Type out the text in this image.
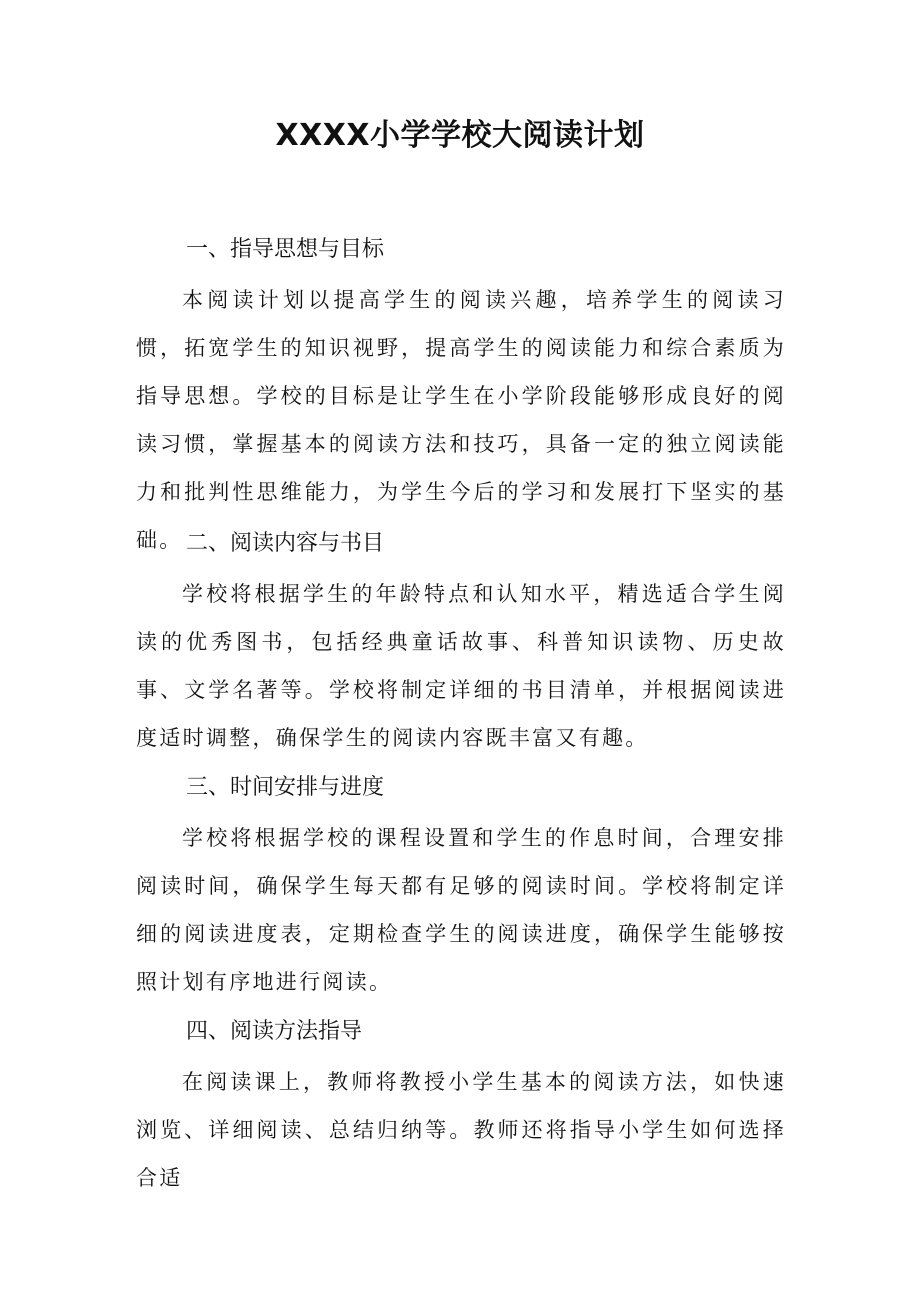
XXXX小学学校大阅读计划
一、指导思想与目标

本阅读计划以提高学生的阅读兴趣，培养学生的阅读习惯，拓宽学生的知识视野，提高学生的阅读能力和综合素质为指导思想。学校的目标是让学生在小学阶段能够形成良好的阅读习惯，掌握基本的阅读方法和技巧，具备一定的独立阅读能力和批判性思维能力，为学生今后的学习和发展打下坚实的基础。 二、阅读内容与书目

学校将根据学生的年龄特点和认知水平，精选适合学生阅读的优秀图书，包括经典童话故事、科普知识读物、历史故事、文学名著等。学校将制定详细的书目清单，并根据阅读进度适时调整，确保学生的阅读内容既丰富又有趣。

三、时间安排与进度

学校将根据学校的课程设置和学生的作息时间，合理安排阅读时间，确保学生每天都有足够的阅读时间。学校将制定详细的阅读进度表，定期检查学生的阅读进度，确保学生能够按照计划有序地进行阅读。

四、阅读方法指导

在阅读课上，教师将教授小学生基本的阅读方法，如快速浏览、详细阅读、总结归纳等。教师还将指导小学生如何选择合适
